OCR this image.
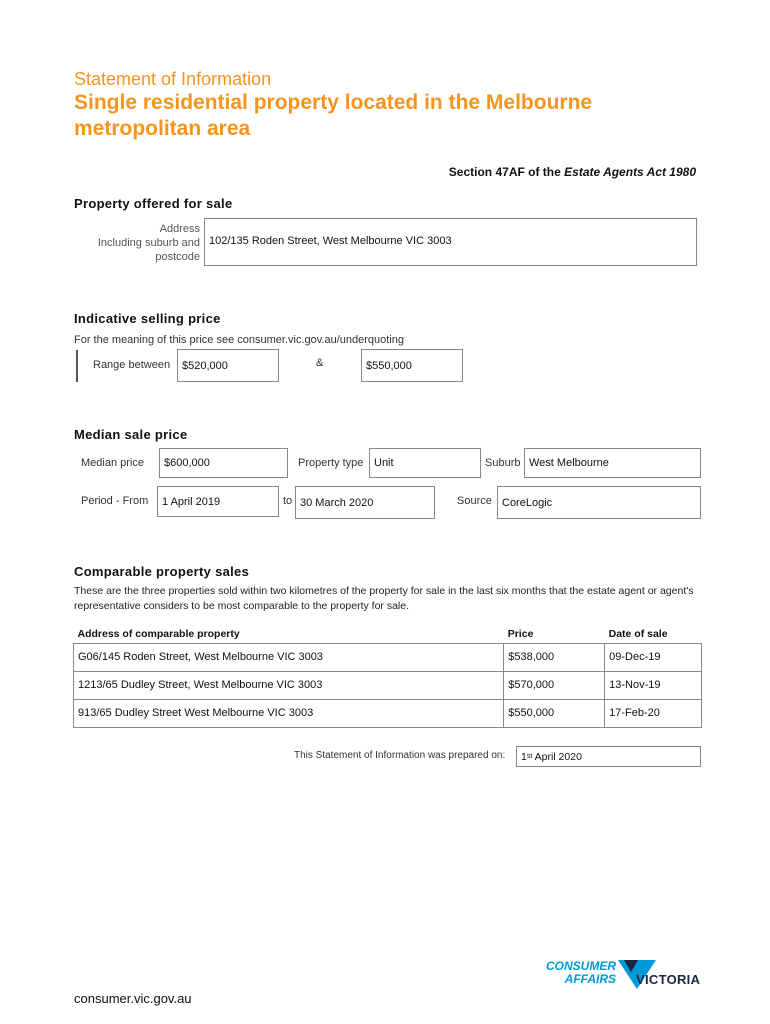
Statement of Information
Single residential property located in the Melbourne metropolitan area
Section 47AF of the Estate Agents Act 1980
Property offered for sale
Address
Including suburb and
postcode
102/135 Roden Street, West Melbourne VIC 3003
Indicative selling price
For the meaning of this price see consumer.vic.gov.au/underquoting
Range between	$520,000	&	$550,000
Median sale price
Median price	$600,000	Property type Unit	Suburb West Melbourne
Period - From	1 April 2019	to 30 March 2020	Source CoreLogic
Comparable property sales
These are the three properties sold within two kilometres of the property for sale in the last six months that the estate agent or agent's representative considers to be most comparable to the property for sale.
Address of comparable property	Price	Date of sale
G06/145 Roden Street, West Melbourne VIC 3003	$538,000	09-Dec-19
1213/65 Dudley Street, West Melbourne VIC 3003	$570,000	13-Nov-19
913/65 Dudley Street West Melbourne VIC 3003	$550,000	17-Feb-20
This Statement of Information was prepared on: 1 st April 2020
consumer.vic.gov.au
CONSUMER
AFFAIRS VICTORIA
